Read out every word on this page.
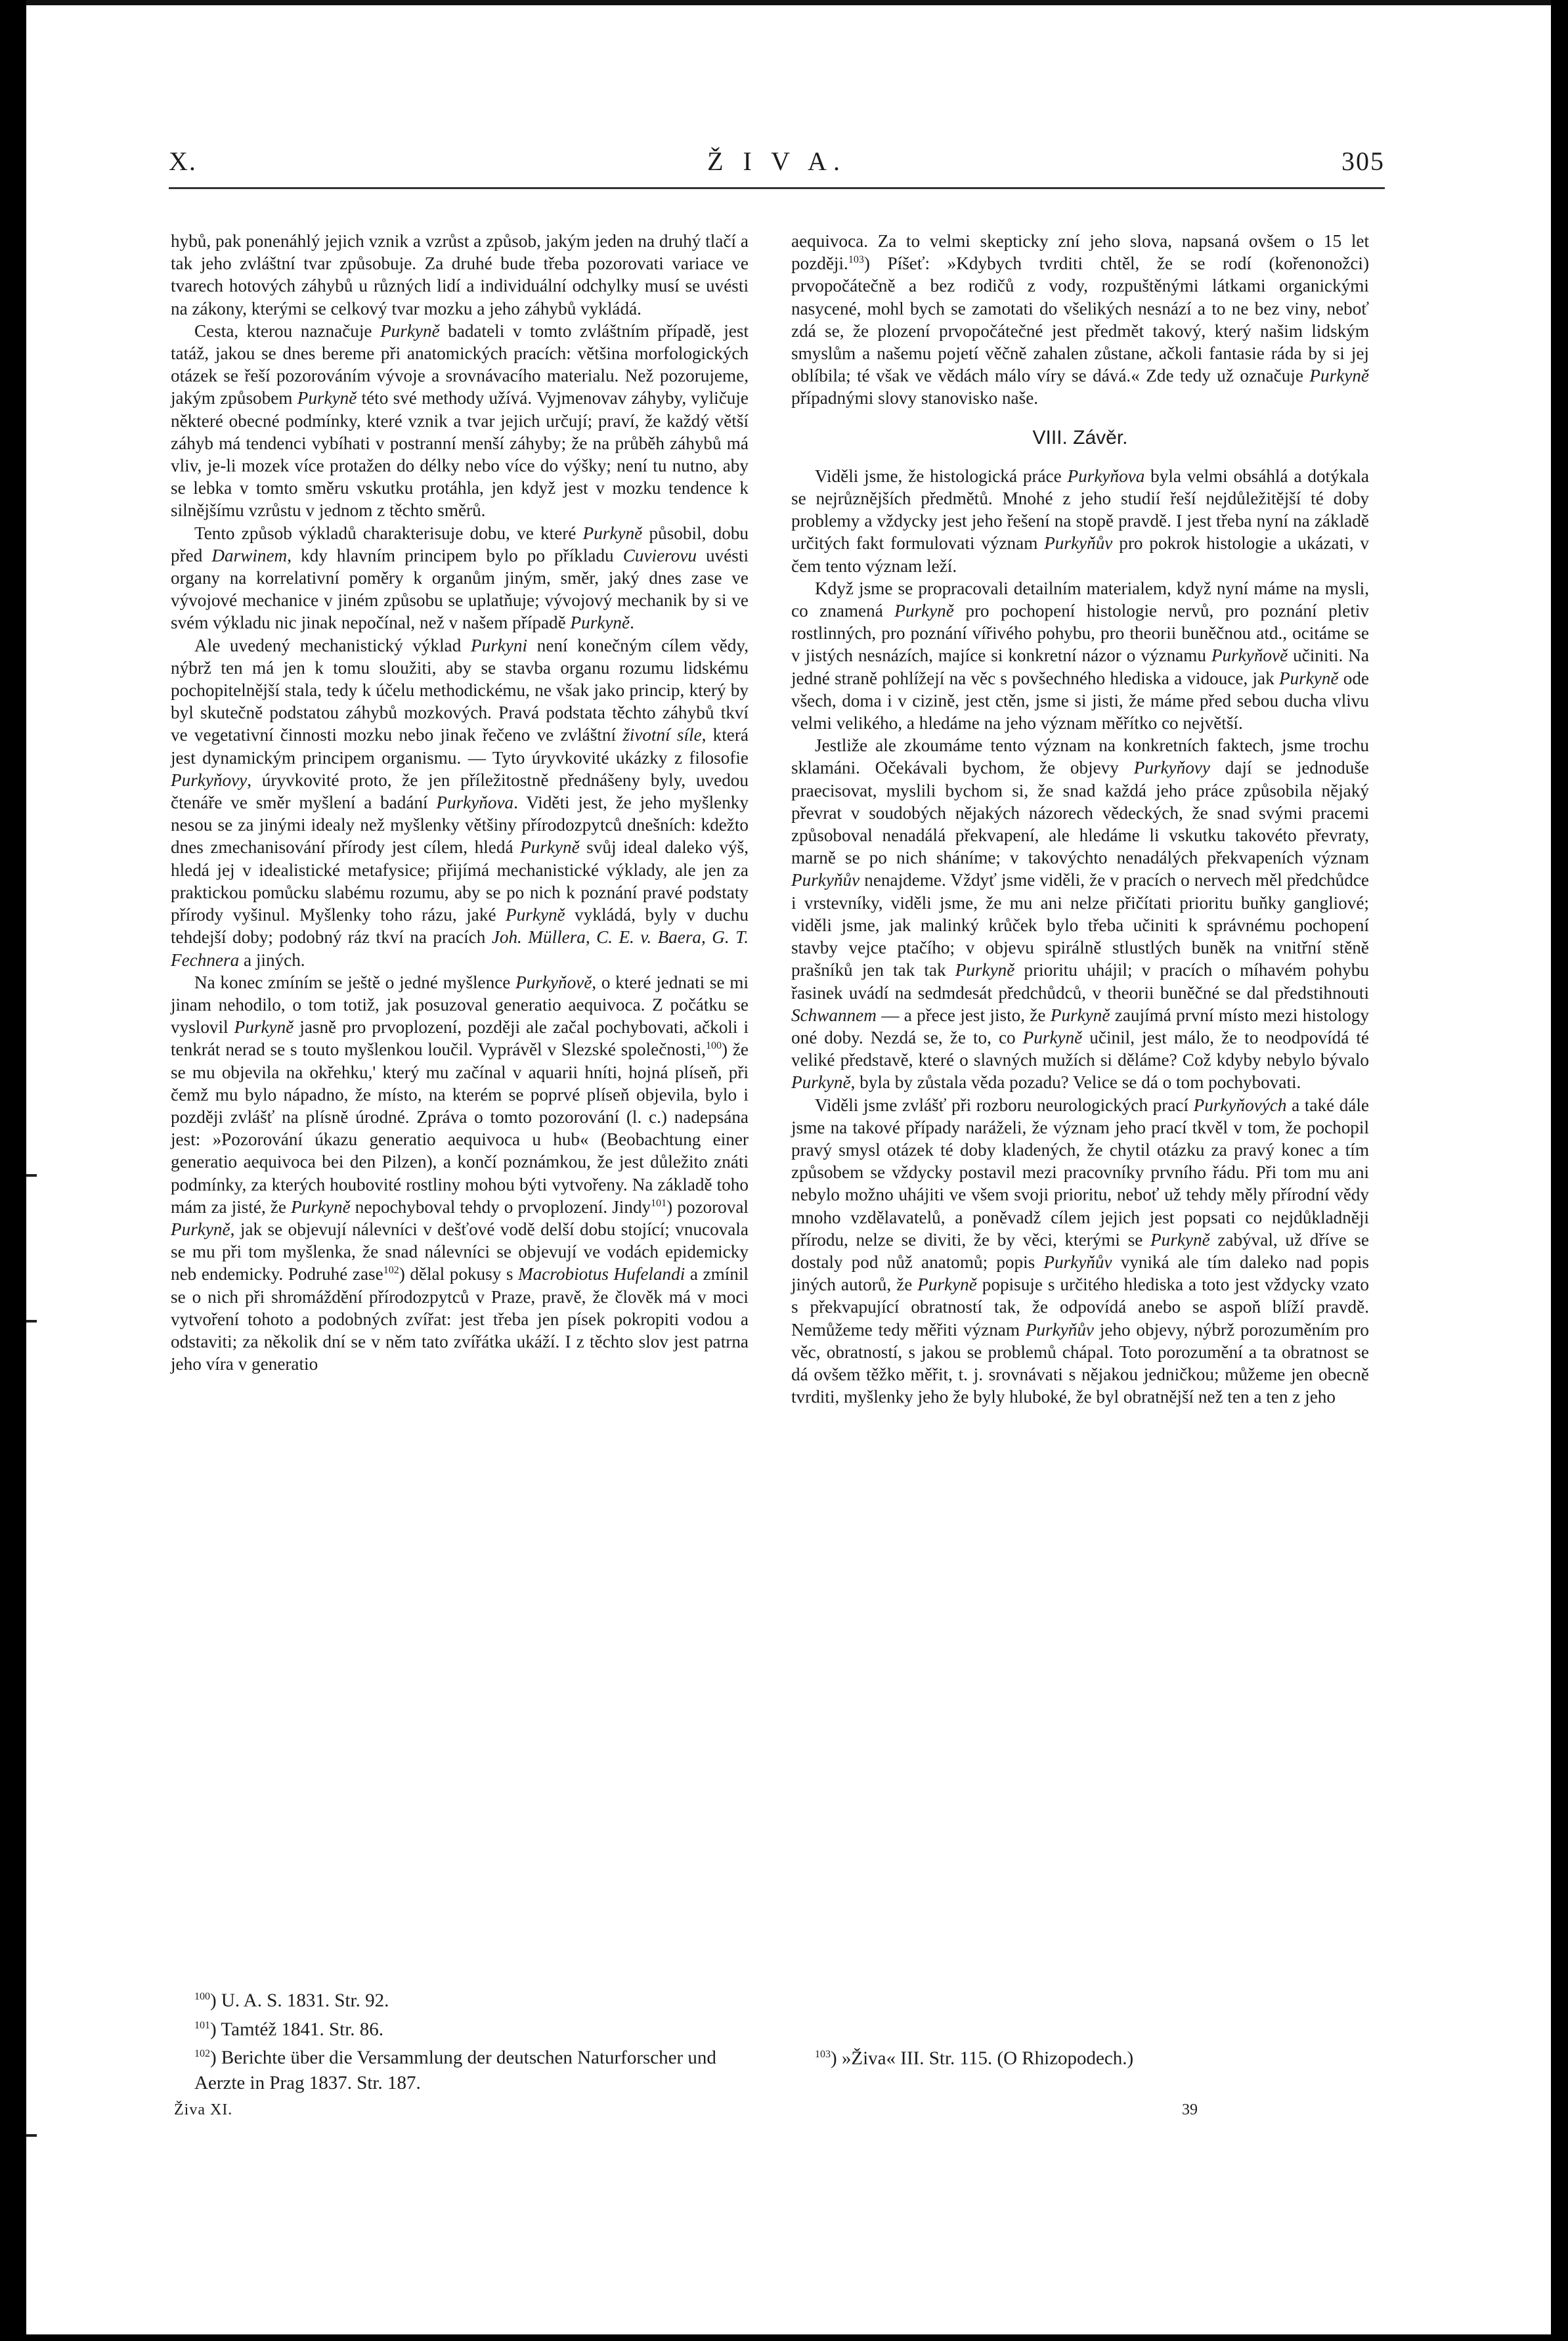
X.	Ž I V A.	305

hybů, pak ponenáhlý jejich vznik a vzrůst a způsob, jakým jeden na druhý tlačí a tak jeho zvláštní tvar způsobuje. Za druhé bude třeba pozorovati variace ve tvarech hotových záhybů u různých lidí a individuální odchylky musí se uvésti na zákony, kterými se celkový tvar mozku a jeho záhybů vykládá.

Cesta, kterou naznačuje Purkyně badateli v tomto zvláštním případě, jest tatáž, jakou se dnes bereme při anatomických pracích: většina morfologických otázek se řeší pozorováním vývoje a srovnávacího materialu. Než pozorujeme, jakým způsobem Purkyně této své methody užívá. Vyjmenovav záhyby, vyličuje některé obecné podmínky, které vznik a tvar jejich určují; praví, že každý větší záhyb má tendenci vybíhati v postranní menší záhyby; že na průběh záhybů má vliv, je-li mozek více protažen do délky nebo více do výšky; není tu nutno, aby se lebka v tomto směru vskutku protáhla, jen když jest v mozku tendence k silnějšímu vzrůstu v jednom z těchto směrů.

Tento způsob výkladů charakterisuje dobu, ve které Purkyně působil, dobu před Darwinem, kdy hlavním principem bylo po příkladu Cuvierovu uvésti organy na korrelativní poměry k organům jiným, směr, jaký dnes zase ve vývojové mechanice v jiném způsobu se uplatňuje; vývojový mechanik by si ve svém výkladu nic jinak nepočínal, než v našem případě Purkyně.

Ale uvedený mechanistický výklad Purkyni není konečným cílem vědy, nýbrž ten má jen k tomu sloužiti, aby se stavba organu rozumu lidskému pochopitelnější stala, tedy k účelu methodickému, ne však jako princip, který by byl skutečně podstatou záhybů mozkových. Pravá podstata těchto záhybů tkví ve vegetativní činnosti mozku nebo jinak řečeno ve zvláštní životní síle, která jest dynamickým principem organismu. — Tyto úryvkovité ukázky z filosofie Purkyňovy, úryvkovité proto, že jen příležitostně přednášeny byly, uvedou čtenáře ve směr myšlení a badání Purkyňova. Viděti jest, že jeho myšlenky nesou se za jinými idealy než myšlenky většiny přírodozpytců dnešních: kdežto dnes zmechanisování přírody jest cílem, hledá Purkyně svůj ideal daleko výš, hledá jej v idealistické metafysice; přijímá mechanistické výklady, ale jen za praktickou pomůcku slabému rozumu, aby se po nich k poznání pravé podstaty přírody vyšinul. Myšlenky toho rázu, jaké Purkyně vykládá, byly v duchu tehdejší doby; podobný ráz tkví na pracích Joh. Müllera, C. E. v. Baera, G. T. Fechnera a jiných.

Na konec zmíním se ještě o jedné myšlence Purkyňově, o které jednati se mi jinam nehodilo, o tom totiž, jak posuzoval generatio aequivoca. Z počátku se vyslovil Purkyně jasně pro prvoplození, později ale začal pochybovati, ačkoli i tenkrát nerad se s touto myšlenkou loučil. Vyprávěl v Slezské společnosti,$^{100}$) že se mu objevila na okřehku,' který mu začínal v aquarii hníti, hojná plíseň, při čemž mu bylo nápadno, že místo, na kterém se poprvé plíseň objevila, bylo i později zvlášť na plísně úrodné. Zpráva o tomto pozorování (l. c.) nadepsána jest: »Pozorování úkazu generatio aequivoca u hub« (Beobachtung einer generatio aequivoca bei den Pilzen), a končí poznámkou, že jest důležito znáti podmínky, za kterých houbovité rostliny mohou býti vytvořeny. Na základě toho mám za jisté, že Purkyně nepochyboval tehdy o prvoplození. Jindy$^{101}$) pozoroval Purkyně, jak se objevují nálevníci v dešťové vodě delší dobu stojící; vnucovala se mu při tom myšlenka, že snad nálevníci se objevují ve vodách epidemicky neb endemicky. Podruhé zase$^{102}$) dělal pokusy s Macrobiotus Hufelandi a zmínil se o nich při shromáždění přírodozpytců v Praze, pravě, že člověk má v moci vytvoření tohoto a podobných zvířat: jest třeba jen písek pokropiti vodou a odstaviti; za několik dní se v něm tato zvířátka ukáží. I z těchto slov jest patrna jeho víra v generatio

aequivoca. Za to velmi skepticky zní jeho slova, napsaná ovšem o 15 let později.$^{103}$) Píšeť: »Kdybych tvrditi chtěl, že se rodí (kořenonožci) prvopočátečně a bez rodičů z vody, rozpuštěnými látkami organickými nasycené, mohl bych se zamotati do všelikých nesnází a to ne bez viny, neboť zdá se, že plození prvopočátečné jest předmět takový, který našim lidským smyslům a našemu pojetí věčně zahalen zůstane, ačkoli fantasie ráda by si jej oblíbila; té však ve vědách málo víry se dává.« Zde tedy už označuje Purkyně případnými slovy stanovisko naše.

VIII. Závěr.

Viděli jsme, že histologická práce Purkyňova byla velmi obsáhlá a dotýkala se nejrůznějších předmětů. Mnohé z jeho studií řeší nejdůležitější té doby problemy a vždycky jest jeho řešení na stopě pravdě. I jest třeba nyní na základě určitých fakt formulovati význam Purkyňův pro pokrok histologie a ukázati, v čem tento význam leží.

Když jsme se propracovali detailním materialem, když nyní máme na mysli, co znamená Purkyně pro pochopení histologie nervů, pro poznání pletiv rostlinných, pro poznání vířivého pohybu, pro theorii buněčnou atd., ocitáme se v jistých nesnázích, majíce si konkretní názor o významu Purkyňově učiniti. Na jedné straně pohlížejí na věc s povšechného hlediska a vidouce, jak Purkyně ode všech, doma i v cizině, jest ctěn, jsme si jisti, že máme před sebou ducha vlivu velmi velikého, a hledáme na jeho význam měřítko co největší.

Jestliže ale zkoumáme tento význam na konkretních faktech, jsme trochu sklamáni. Očekávali bychom, že objevy Purkyňovy dají se jednoduše praecisovat, myslili bychom si, že snad každá jeho práce způsobila nějaký převrat v soudobých nějakých názorech vědeckých, že snad svými pracemi způsoboval nenadálá překvapení, ale hledáme li vskutku takovéto převraty, marně se po nich sháníme; v takovýchto nenadálých překvapeních význam Purkyňův nenajdeme. Vždyť jsme viděli, že v pracích o nervech měl předchůdce i vrstevníky, viděli jsme, že mu ani nelze přičítati prioritu buňky gangliové; viděli jsme, jak malinký krůček bylo třeba učiniti k správnému pochopení stavby vejce ptačího; v objevu spirálně stlustlých buněk na vnitřní stěně prašníků jen tak tak Purkyně prioritu uhájil; v pracích o míhavém pohybu řasinek uvádí na sedmdesát předchůdců, v theorii buněčné se dal předstihnouti Schwannem — a přece jest jisto, že Purkyně zaujímá první místo mezi histology oné doby. Nezdá se, že to, co Purkyně učinil, jest málo, že to neodpovídá té veliké představě, které o slavných mužích si děláme? Což kdyby nebylo bývalo Purkyně, byla by zůstala věda pozadu? Velice se dá o tom pochybovati.

Viděli jsme zvlášť při rozboru neurologických prací Purkyňových a také dále jsme na takové případy naráželi, že význam jeho prací tkvěl v tom, že pochopil pravý smysl otázek té doby kladených, že chytil otázku za pravý konec a tím způsobem se vždycky postavil mezi pracovníky prvního řádu. Při tom mu ani nebylo možno uhájiti ve všem svoji prioritu, neboť už tehdy měly přírodní vědy mnoho vzdělavatelů, a poněvadž cílem jejich jest popsati co nejdůkladněji přírodu, nelze se diviti, že by věci, kterými se Purkyně zabýval, už dříve se dostaly pod nůž anatomů; popis Purkyňův vyniká ale tím daleko nad popis jiných autorů, že Purkyně popisuje s určitého hlediska a toto jest vždycky vzato s překvapující obratností tak, že odpovídá anebo se aspoň blíží pravdě. Nemůžeme tedy měřiti význam Purkyňův jeho objevy, nýbrž porozuměním pro věc, obratností, s jakou se problemů chápal. Toto porozumění a ta obratnost se dá ovšem těžko měřit, t. j. srovnávati s nějakou jedničkou; můžeme jen obecně tvrditi, myšlenky jeho že byly hluboké, že byl obratnější než ten a ten z jeho

$^{100}$) U. A. S. 1831. Str. 92.

$^{101}$) Tamtéž 1841. Str. 86.

$^{102}$) Berichte über die Versammlung der deutschen Naturforscher und Aerzte in Prag 1837. Str. 187.

$^{103}$) »Živa« III. Str. 115. (O Rhizopodech.)

Živa XI.	39
